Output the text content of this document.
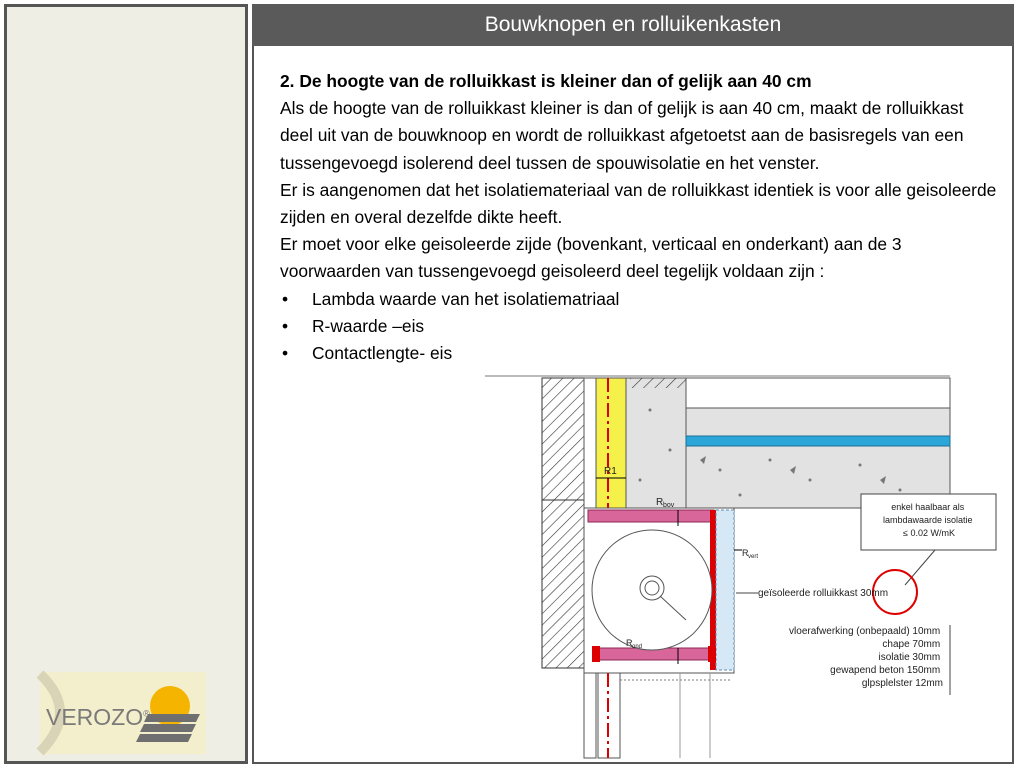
VEROZO®
Bouwknopen en rolluikenkasten

2. De hoogte van de rolluikkast is kleiner dan of gelijk aan 40 cm

Als de hoogte van de rolluikkast kleiner is dan of gelijk is aan 40 cm, maakt de rolluikkast deel uit van de bouwknoop en wordt de rolluikkast afgetoetst aan de basisregels van een tussengevoegd isolerend deel tussen de spouwisolatie en het venster.

Er is aangenomen dat het isolatiemateriaal van de rolluikkast identiek is voor alle geisoleerde zijden en overal dezelfde dikte heeft.

Er moet voor elke geisoleerde zijde (bovenkant, verticaal en onderkant) aan de 3 voorwaarden van tussengevoegd geisoleerd deel tegelijk voldaan zijn :

• Lambda waarde van het isolatiematriaal
• R-waarde –eis
• Contactlengte- eis
R1
R bov
R vert
R ond
enkel haalbaar als lambdawaarde isolatie ≤ 0.02 W/mK
geïsoleerde rolluikkast 30mm
vloerafwerking (onbepaald) 10mm chape 70mm isolatie 30mm gewapend beton 150mm glpsplelster 12mm
